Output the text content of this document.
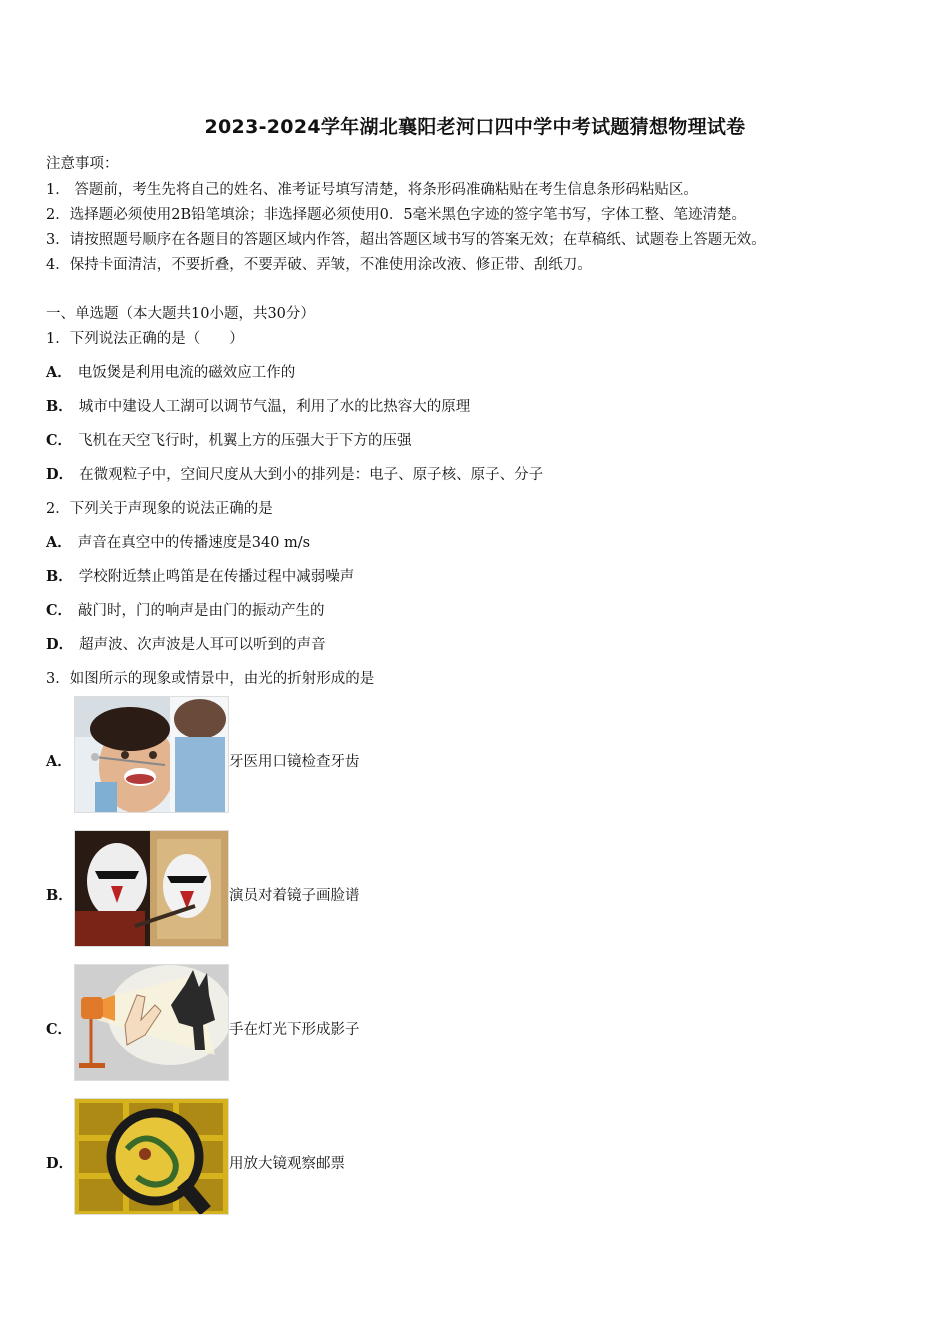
2023-2024学年湖北襄阳老河口四中学中考试题猜想物理试卷
注意事项：
1． 答题前，考生先将自己的姓名、准考证号填写清楚，将条形码准确粘贴在考生信息条形码粘贴区。
2．选择题必须使用2B铅笔填涂；非选择题必须使用0．5毫米黑色字迹的签字笔书写，字体工整、笔迹清楚。
3．请按照题号顺序在各题目的答题区域内作答，超出答题区域书写的答案无效；在草稿纸、试题卷上答题无效。
4．保持卡面清洁，不要折叠，不要弄破、弄皱，不准使用涂改液、修正带、刮纸刀。
一、单选题（本大题共10小题，共30分）
1．下列说法正确的是（　　）
A． 电饭煲是利用电流的磁效应工作的
B． 城市中建设人工湖可以调节气温，利用了水的比热容大的原理
C． 飞机在天空飞行时，机翼上方的压强大于下方的压强
D． 在微观粒子中，空间尺度从大到小的排列是：电子、原子核、原子、分子
2．下列关于声现象的说法正确的是
A． 声音在真空中的传播速度是340 m/s
B． 学校附近禁止鸣笛是在传播过程中减弱噪声
C． 敲门时，门的响声是由门的振动产生的
D． 超声波、次声波是人耳可以听到的声音
3．如图所示的现象或情景中，由光的折射形成的是
A．	牙医用口镜检查牙齿
B．	演员对着镜子画脸谱
C．	手在灯光下形成影子
D．	用放大镜观察邮票
